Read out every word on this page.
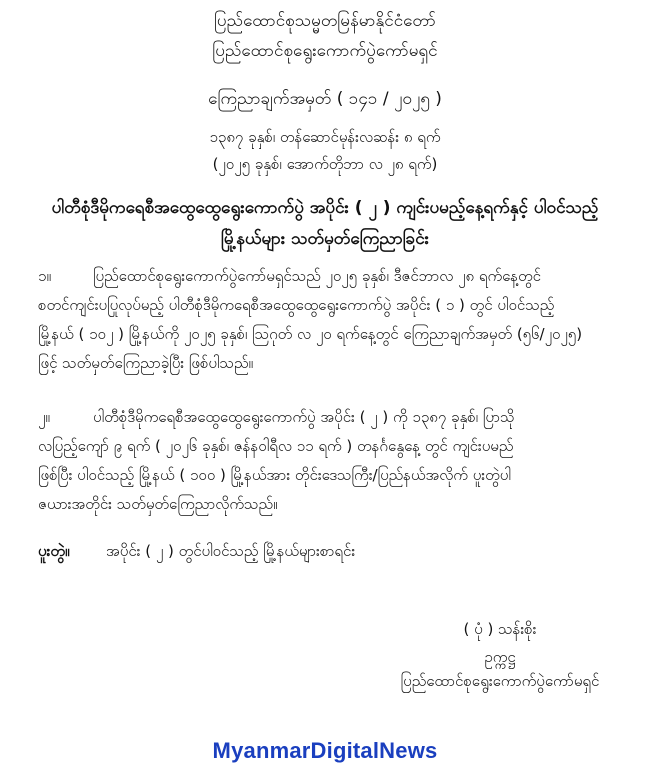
ပြည်ထောင်စုသမ္မတမြန်မာနိုင်ငံတော်
ပြည်ထောင်စုရွေးကောက်ပွဲကော်မရှင်
ကြေညာချက်အမှတ် ( ၁၄၁ / ၂၀၂၅ )
၁၃၈၇ ခုနှစ်၊ တန်ဆောင်မုန်းလဆန်း ၈ ရက်
(၂၀၂၅ ခုနှစ်၊ အောက်တိုဘာ လ ၂၈ ရက်)
ပါတီစုံဒီမိုကရေစီအထွေထွေရွေးကောက်ပွဲ အပိုင်း ( ၂ ) ကျင်းပမည့်နေ့ရက်နှင့် ပါဝင်သည့်
မြို့နယ်များ သတ်မှတ်ကြေညာခြင်း
၁။	ပြည်ထောင်စုရွေးကောက်ပွဲကော်မရှင်သည် ၂၀၂၅ ခုနှစ်၊ ဒီဇင်ဘာလ ၂၈ ရက်နေ့တွင်
စတင်ကျင်းပပြုလုပ်မည့် ပါတီစုံဒီမိုကရေစီအထွေထွေရွေးကောက်ပွဲ အပိုင်း ( ၁ ) တွင် ပါဝင်သည့်
မြို့နယ် ( ၁၀၂ ) မြို့နယ်ကို ၂၀၂၅ ခုနှစ်၊ ဩဂုတ် လ ၂၀ ရက်နေ့တွင် ကြေညာချက်အမှတ် (၅၆/၂၀၂၅)
ဖြင့် သတ်မှတ်ကြေညာခဲ့ပြီး ဖြစ်ပါသည်။
၂။	ပါတီစုံဒီမိုကရေစီအထွေထွေရွေးကောက်ပွဲ အပိုင်း ( ၂ ) ကို ၁၃၈၇ ခုနှစ်၊ ပြာသို
လပြည့်ကျော် ၉ ရက် ( ၂၀၂၆ ခုနှစ်၊ ဇန်နဝါရီလ ၁၁ ရက် ) တနင်္ဂနွေနေ့ တွင် ကျင်းပမည်
ဖြစ်ပြီး ပါဝင်သည့် မြို့နယ် ( ၁၀၀ ) မြို့နယ်အား တိုင်းဒေသကြီး/ပြည်နယ်အလိုက် ပူးတွဲပါ
ဇယားအတိုင်း သတ်မှတ်ကြေညာလိုက်သည်။
ပူးတွဲ။ အပိုင်း ( ၂ ) တွင်ပါဝင်သည့် မြို့နယ်များစာရင်း
( ပုံ ) သန်းစိုး
ဥက္ကဋ္ဌ
ပြည်ထောင်စုရွေးကောက်ပွဲကော်မရှင်
MyanmarDigitalNews
